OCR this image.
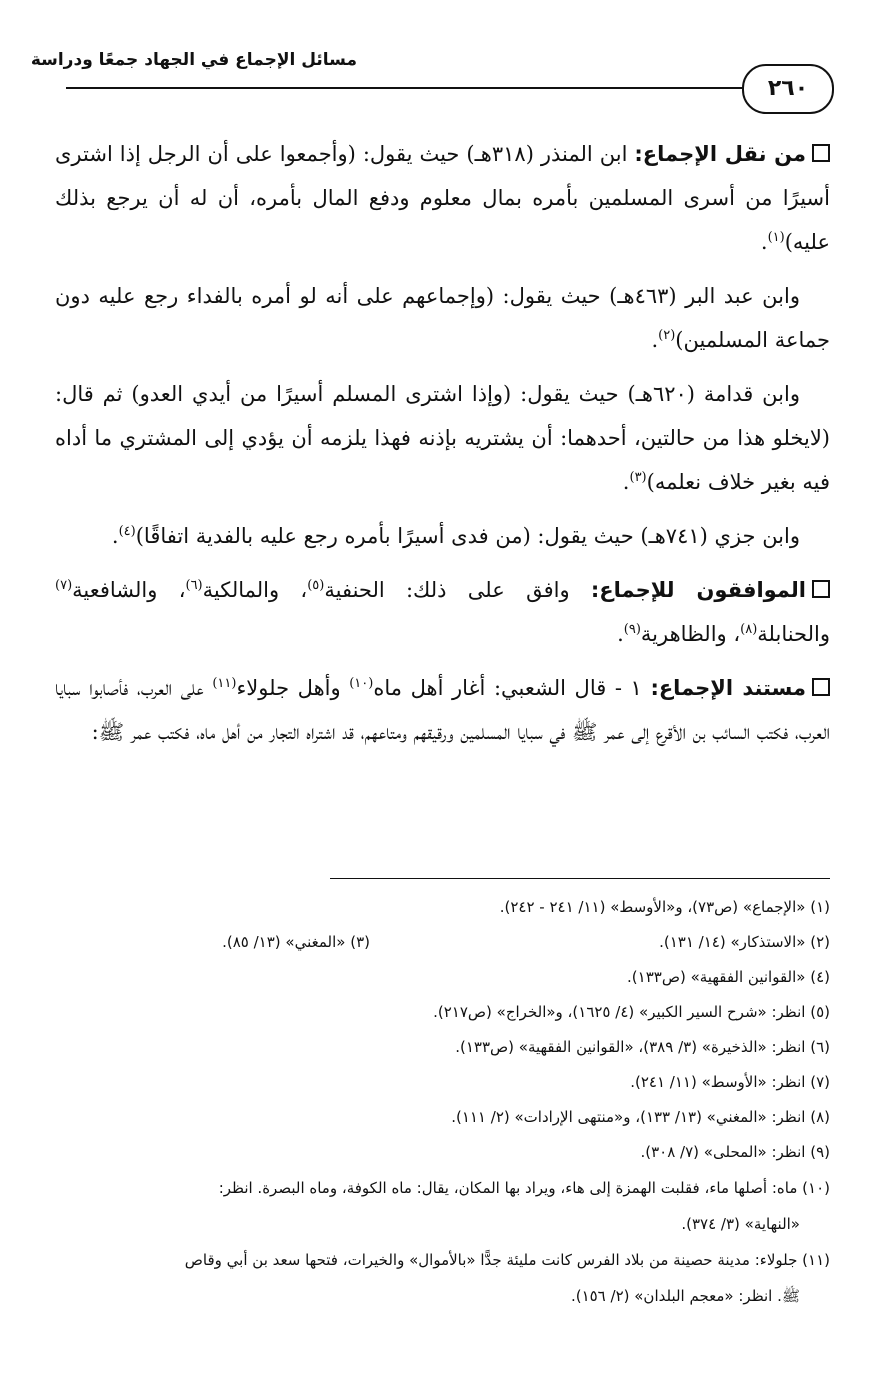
مسائل الإجماع في الجهاد جمعًا ودراسة
٢٦٠

من نقل الإجماع: ابن المنذر (٣١٨هـ) حيث يقول: (وأجمعوا على أن الرجل إذا اشترى أسيرًا من أسرى المسلمين بأمره بمال معلوم ودفع المال بأمره، أن له أن يرجع بذلك عليه)$^{(١)}$.

وابن عبد البر (٤٦٣هـ) حيث يقول: (وإجماعهم على أنه لو أمره بالفداء رجع عليه دون جماعة المسلمين)$^{(٢)}$.

وابن قدامة (٦٢٠هـ) حيث يقول: (وإذا اشترى المسلم أسيرًا من أيدي العدو) ثم قال: (لايخلو هذا من حالتين، أحدهما: أن يشتريه بإذنه فهذا يلزمه أن يؤدي إلى المشتري ما أداه فيه بغير خلاف نعلمه)$^{(٣)}$.

وابن جزي (٧٤١هـ) حيث يقول: (من فدى أسيرًا بأمره رجع عليه بالفدية اتفاقًا)$^{(٤)}$.

الموافقون للإجماع: وافق على ذلك: الحنفية$^{(٥)}$، والمالكية$^{(٦)}$، والشافعية$^{(٧)}$ والحنابلة$^{(٨)}$، والظاهرية$^{(٩)}$.

مستند الإجماع: ١ - قال الشعبي: أغار أهل ماه$^{(١٠)}$ وأهل جلولاء$^{(١١)}$ على العرب، فأصابوا سبايا العرب، فكتب السائب بن الأقرع إلى عمر ﷺ في سبايا المسلمين ورقيقهم ومتاعهم، قد اشتراه التجار من أهل ماه، فكتب عمر ﷺ:

(١) «الإجماع» (ص٧٣)، و«الأوسط» (١١/ ٢٤١ - ٢٤٢).

(٢) «الاستذكار» (١٤/ ١٣١).

(٣) «المغني» (١٣/ ٨٥).

(٤) «القوانين الفقهية» (ص١٣٣).

(٥) انظر: «شرح السير الكبير» (٤/ ١٦٢٥)، و«الخراج» (ص٢١٧).

(٦) انظر: «الذخيرة» (٣/ ٣٨٩)، «القوانين الفقهية» (ص١٣٣).

(٧) انظر: «الأوسط» (١١/ ٢٤١).

(٨) انظر: «المغني» (١٣/ ١٣٣)، و«منتهى الإرادات» (٢/ ١١١).

(٩) انظر: «المحلى» (٧/ ٣٠٨).

(١٠) ماه: أصلها ماء، فقلبت الهمزة إلى هاء، ويراد بها المكان، يقال: ماه الكوفة، وماه البصرة. انظر:

«النهاية» (٣/ ٣٧٤).

(١١) جلولاء: مدينة حصينة من بلاد الفرس كانت مليئة جدًّا «بالأموال» والخيرات، فتحها سعد بن أبي وقاص

ﷺ. انظر: «معجم البلدان» (٢/ ١٥٦).
